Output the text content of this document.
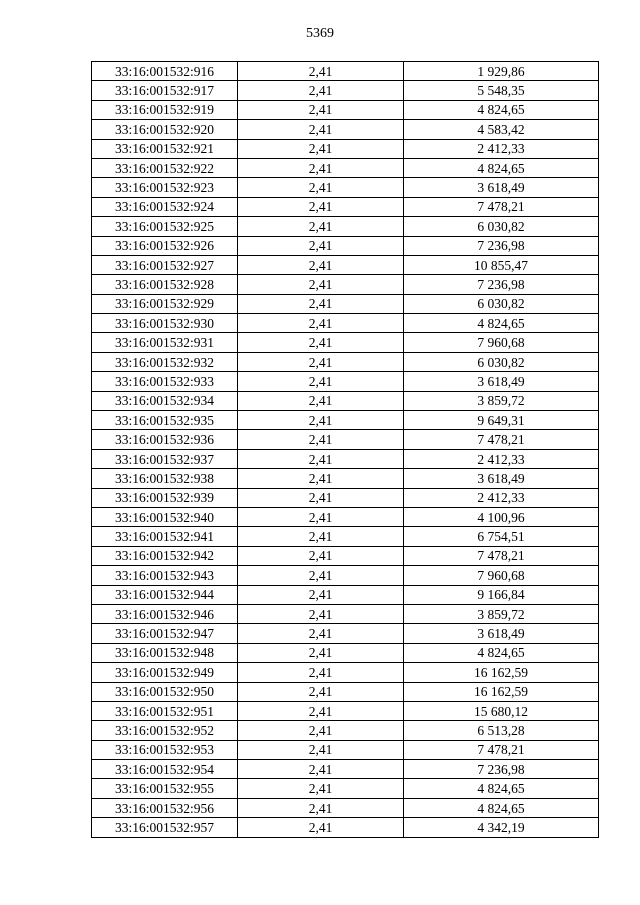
5369
33:16:001532:916	2,41	1 929,86
33:16:001532:917	2,41	5 548,35
33:16:001532:919	2,41	4 824,65
33:16:001532:920	2,41	4 583,42
33:16:001532:921	2,41	2 412,33
33:16:001532:922	2,41	4 824,65
33:16:001532:923	2,41	3 618,49
33:16:001532:924	2,41	7 478,21
33:16:001532:925	2,41	6 030,82
33:16:001532:926	2,41	7 236,98
33:16:001532:927	2,41	10 855,47
33:16:001532:928	2,41	7 236,98
33:16:001532:929	2,41	6 030,82
33:16:001532:930	2,41	4 824,65
33:16:001532:931	2,41	7 960,68
33:16:001532:932	2,41	6 030,82
33:16:001532:933	2,41	3 618,49
33:16:001532:934	2,41	3 859,72
33:16:001532:935	2,41	9 649,31
33:16:001532:936	2,41	7 478,21
33:16:001532:937	2,41	2 412,33
33:16:001532:938	2,41	3 618,49
33:16:001532:939	2,41	2 412,33
33:16:001532:940	2,41	4 100,96
33:16:001532:941	2,41	6 754,51
33:16:001532:942	2,41	7 478,21
33:16:001532:943	2,41	7 960,68
33:16:001532:944	2,41	9 166,84
33:16:001532:946	2,41	3 859,72
33:16:001532:947	2,41	3 618,49
33:16:001532:948	2,41	4 824,65
33:16:001532:949	2,41	16 162,59
33:16:001532:950	2,41	16 162,59
33:16:001532:951	2,41	15 680,12
33:16:001532:952	2,41	6 513,28
33:16:001532:953	2,41	7 478,21
33:16:001532:954	2,41	7 236,98
33:16:001532:955	2,41	4 824,65
33:16:001532:956	2,41	4 824,65
33:16:001532:957	2,41	4 342,19
